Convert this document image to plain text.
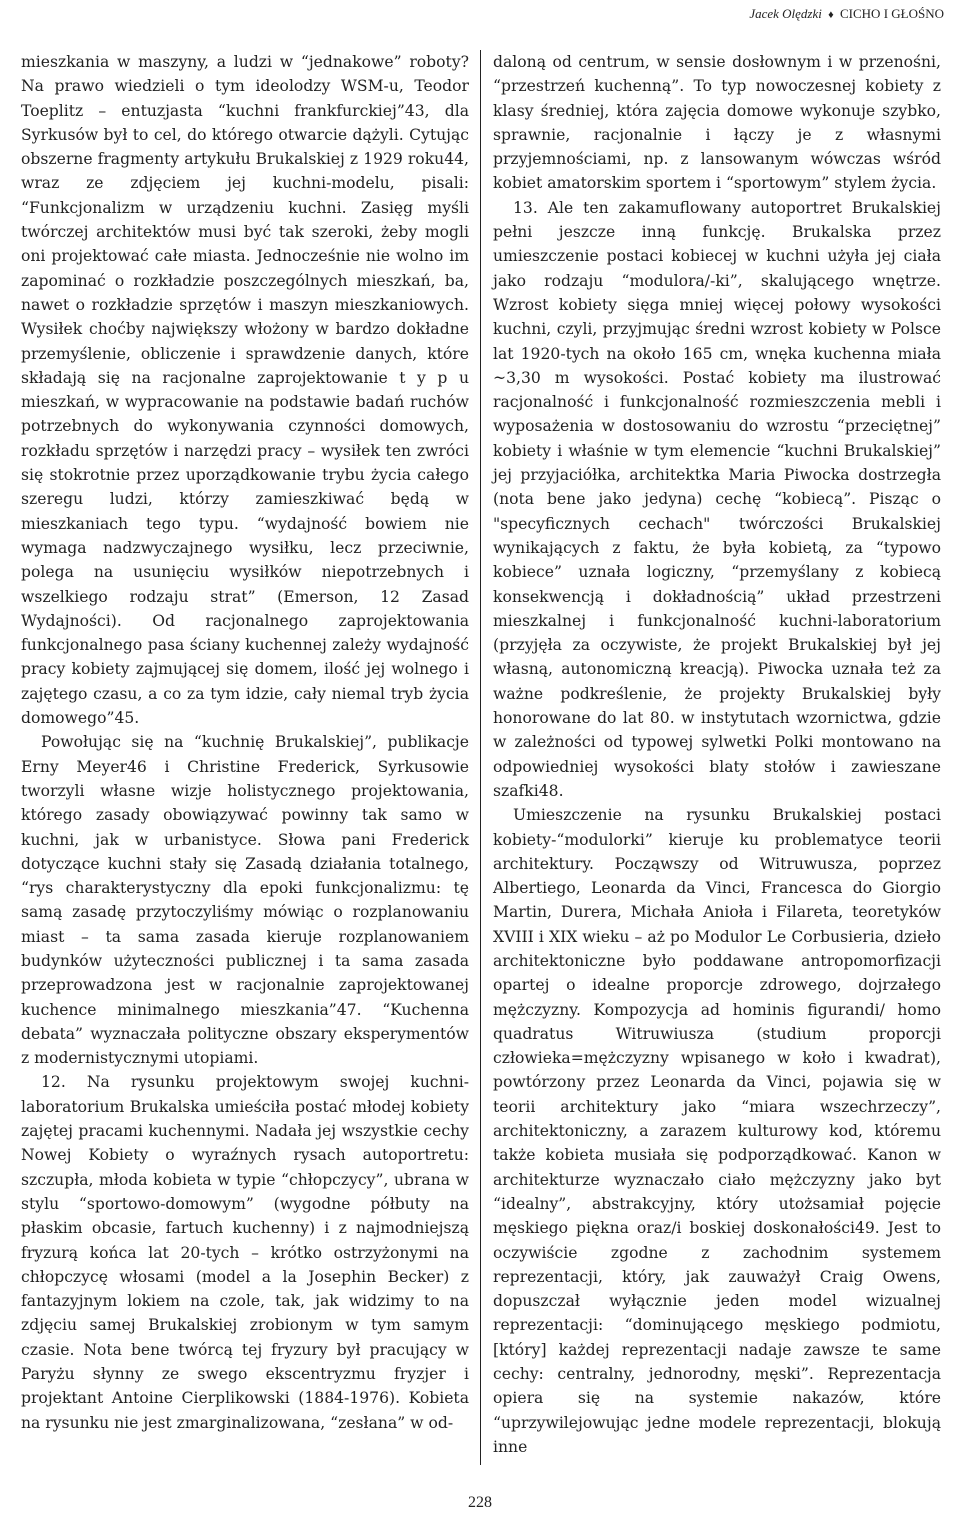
Jacek Olędzki ♦ CICHO I GŁOŚNO

mieszkania w maszyny, a ludzi w “jednakowe” roboty? Na prawo wiedzieli o tym ideolodzy WSM-u, Teodor Toeplitz – entuzjasta “kuchni frankfurckiej”43, dla Syrkusów był to cel, do którego otwarcie dążyli. Cytując obszerne fragmenty artykułu Brukalskiej z 1929 roku44, wraz ze zdjęciem jej kuchni-modelu, pisali: “Funkcjonalizm w urządzeniu kuchni. Zasięg myśli twórczej architektów musi być tak szeroki, żeby mogli oni projektować całe miasta. Jednocześnie nie wolno im zapominać o rozkładzie poszczególnych mieszkań, ba, nawet o rozkładzie sprzętów i maszyn mieszkaniowych. Wysiłek choćby największy włożony w bardzo dokładne przemyślenie, obliczenie i sprawdzenie danych, które składają się na racjonalne zaprojektowanie t y p u mieszkań, w wypracowanie na podstawie badań ruchów potrzebnych do wykonywania czynności domowych, rozkładu sprzętów i narzędzi pracy – wysiłek ten zwróci się stokrotnie przez uporządkowanie trybu życia całego szeregu ludzi, którzy zamieszkiwać będą w mieszkaniach tego typu. “wydajność bowiem nie wymaga nadzwyczajnego wysiłku, lecz przeciwnie, polega na usunięciu wysiłków niepotrzebnych i wszelkiego rodzaju strat” (Emerson, 12 Zasad Wydajności). Od racjonalnego zaprojektowania funkcjonalnego pasa ściany kuchennej zależy wydajność pracy kobiety zajmującej się domem, ilość jej wolnego i zajętego czasu, a co za tym idzie, cały niemal tryb życia domowego”45.

Powołując się na “kuchnię Brukalskiej”, publikacje Erny Meyer46 i Christine Frederick, Syrkusowie tworzyli własne wizje holistycznego projektowania, którego zasady obowiązywać powinny tak samo w kuchni, jak w urbanistyce. Słowa pani Frederick dotyczące kuchni stały się Zasadą działania totalnego, “rys charakterystyczny dla epoki funkcjonalizmu: tę samą zasadę przytoczyliśmy mówiąc o rozplanowaniu miast – ta sama zasada kieruje rozplanowaniem budynków użyteczności publicznej i ta sama zasada przeprowadzona jest w racjonalnie zaprojektowanej kuchence minimalnego mieszkania”47. “Kuchenna debata” wyznaczała polityczne obszary eksperymentów z modernistycznymi utopiami.

12. Na rysunku projektowym swojej kuchni-laboratorium Brukalska umieściła postać młodej kobiety zajętej pracami kuchennymi. Nadała jej wszystkie cechy Nowej Kobiety o wyraźnych rysach autoportretu: szczupła, młoda kobieta w typie “chłopczycy”, ubrana w stylu “sportowo-domowym” (wygodne półbuty na płaskim obcasie, fartuch kuchenny) i z najmodniejszą fryzurą końca lat 20-tych – krótko ostrzyżonymi na chłopczycę włosami (model a la Josephin Becker) z fantazyjnym lokiem na czole, tak, jak widzimy to na zdjęciu samej Brukalskiej zrobionym w tym samym czasie. Nota bene twórcą tej fryzury był pracujący w Paryżu słynny ze swego ekscentryzmu fryzjer i projektant Antoine Cierplikowski (1884-1976). Kobieta na rysunku nie jest zmarginalizowana, “zesłana” w od-

daloną od centrum, w sensie dosłownym i w przenośni, “przestrzeń kuchenną”. To typ nowoczesnej kobiety z klasy średniej, która zajęcia domowe wykonuje szybko, sprawnie, racjonalnie i łączy je z własnymi przyjemnościami, np. z lansowanym wówczas wśród kobiet amatorskim sportem i “sportowym” stylem życia.

13. Ale ten zakamuflowany autoportret Brukalskiej pełni jeszcze inną funkcję. Brukalska przez umieszczenie postaci kobiecej w kuchni użyła jej ciała jako rodzaju “modulora/-ki”, skalującego wnętrze. Wzrost kobiety sięga mniej więcej połowy wysokości kuchni, czyli, przyjmując średni wzrost kobiety w Polsce lat 1920-tych na około 165 cm, wnęka kuchenna miała ~3,30 m wysokości. Postać kobiety ma ilustrować racjonalność i funkcjonalność rozmieszczenia mebli i wyposażenia w dostosowaniu do wzrostu “przeciętnej” kobiety i właśnie w tym elemencie “kuchni Brukalskiej” jej przyjaciółka, architektka Maria Piwocka dostrzegła (nota bene jako jedyna) cechę “kobiecą”. Pisząc o "specyficznych cechach" twórczości Brukalskiej wynikających z faktu, że była kobietą, za “typowo kobiece” uznała logiczny, “przemyślany z kobiecą konsekwencją i dokładnością” układ przestrzeni mieszkalnej i funkcjonalność kuchni-laboratorium (przyjęła za oczywiste, że projekt Brukalskiej był jej własną, autonomiczną kreacją). Piwocka uznała też za ważne podkreślenie, że projekty Brukalskiej były honorowane do lat 80. w instytutach wzornictwa, gdzie w zależności od typowej sylwetki Polki montowano na odpowiedniej wysokości blaty stołów i zawieszane szafki48.

Umieszczenie na rysunku Brukalskiej postaci kobiety-“modulorki” kieruje ku problematyce teorii architektury. Począwszy od Witruwusza, poprzez Albertiego, Leonarda da Vinci, Francesca do Giorgio Martin, Durera, Michała Anioła i Filareta, teoretyków XVIII i XIX wieku – aż po Modulor Le Corbusieria, dzieło architektoniczne było poddawane antropomorfizacji opartej o idealne proporcje zdrowego, dojrzałego mężczyzny. Kompozycja ad hominis figurandi/ homo quadratus Witruwiusza (studium proporcji człowieka=mężczyzny wpisanego w koło i kwadrat), powtórzony przez Leonarda da Vinci, pojawia się w teorii architektury jako “miara wszechrzeczy”, architektoniczny, a zarazem kulturowy kod, któremu także kobieta musiała się podporządkować. Kanon w architekturze wyznaczało ciało mężczyzny jako byt “idealny”, abstrakcyjny, który utożsamiał pojęcie męskiego piękna oraz/i boskiej doskonałości49. Jest to oczywiście zgodne z zachodnim systemem reprezentacji, który, jak zauważył Craig Owens, dopuszczał wyłącznie jeden model wizualnej reprezentacji: “dominującego męskiego podmiotu, [który] każdej reprezentacji nadaje zawsze te same cechy: centralny, jednorodny, męski”. Reprezentacja opiera się na systemie nakazów, które “uprzywilejowując jedne modele reprezentacji, blokują inne

228
